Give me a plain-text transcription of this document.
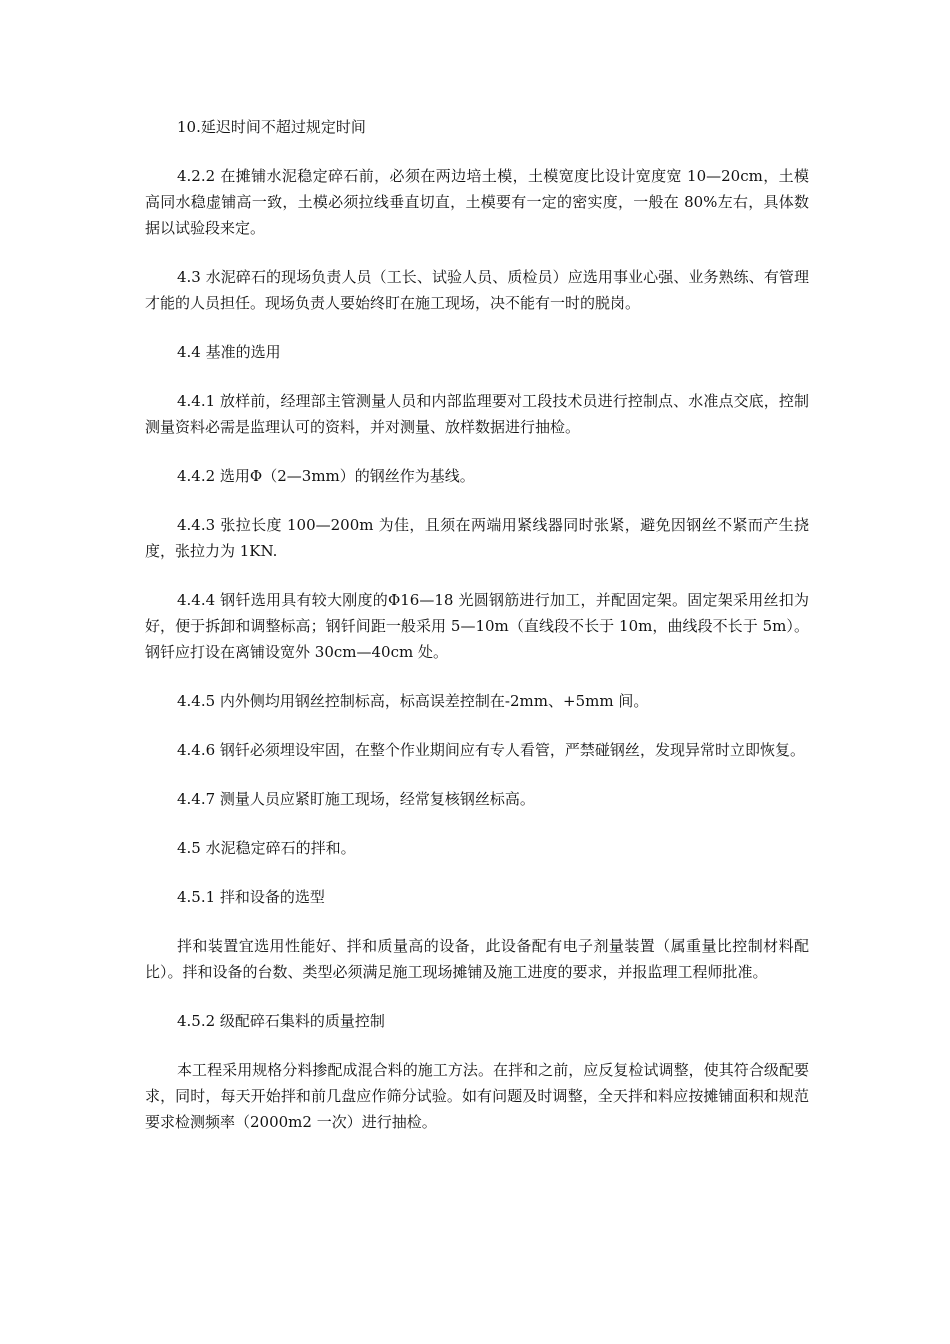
10.延迟时间不超过规定时间

4.2.2 在摊铺水泥稳定碎石前，必须在两边培土模，土模宽度比设计宽度宽 10—20cm，土模高同水稳虚铺高一致，土模必须拉线垂直切直，土模要有一定的密实度，一般在 80%左右，具体数据以试验段来定。

4.3 水泥碎石的现场负责人员（工长、试验人员、质检员）应选用事业心强、业务熟练、有管理才能的人员担任。现场负责人要始终盯在施工现场，决不能有一时的脱岗。

4.4 基准的选用

4.4.1 放样前，经理部主管测量人员和内部监理要对工段技术员进行控制点、水准点交底，控制测量资料必需是监理认可的资料，并对测量、放样数据进行抽检。

4.4.2 选用Φ（2—3mm）的钢丝作为基线。

4.4.3 张拉长度 100—200m 为佳，且须在两端用紧线器同时张紧，避免因钢丝不紧而产生挠度，张拉力为 1KN.

4.4.4 钢钎选用具有较大刚度的Φ16—18 光圆钢筋进行加工，并配固定架。固定架采用丝扣为好，便于拆卸和调整标高；钢钎间距一般采用 5—10m（直线段不长于 10m，曲线段不长于 5m）。钢钎应打设在离铺设宽外 30cm—40cm 处。

4.4.5 内外侧均用钢丝控制标高，标高误差控制在-2mm、+5mm 间。

4.4.6 钢钎必须埋设牢固，在整个作业期间应有专人看管，严禁碰钢丝，发现异常时立即恢复。

4.4.7 测量人员应紧盯施工现场，经常复核钢丝标高。

4.5 水泥稳定碎石的拌和。

4.5.1 拌和设备的选型

拌和装置宜选用性能好、拌和质量高的设备，此设备配有电子剂量装置（属重量比控制材料配比）。拌和设备的台数、类型必须满足施工现场摊铺及施工进度的要求，并报监理工程师批准。

4.5.2 级配碎石集料的质量控制

本工程采用规格分料掺配成混合料的施工方法。在拌和之前，应反复检试调整，使其符合级配要求，同时，每天开始拌和前几盘应作筛分试验。如有问题及时调整，全天拌和料应按摊铺面积和规范要求检测频率（2000m2 一次）进行抽检。
